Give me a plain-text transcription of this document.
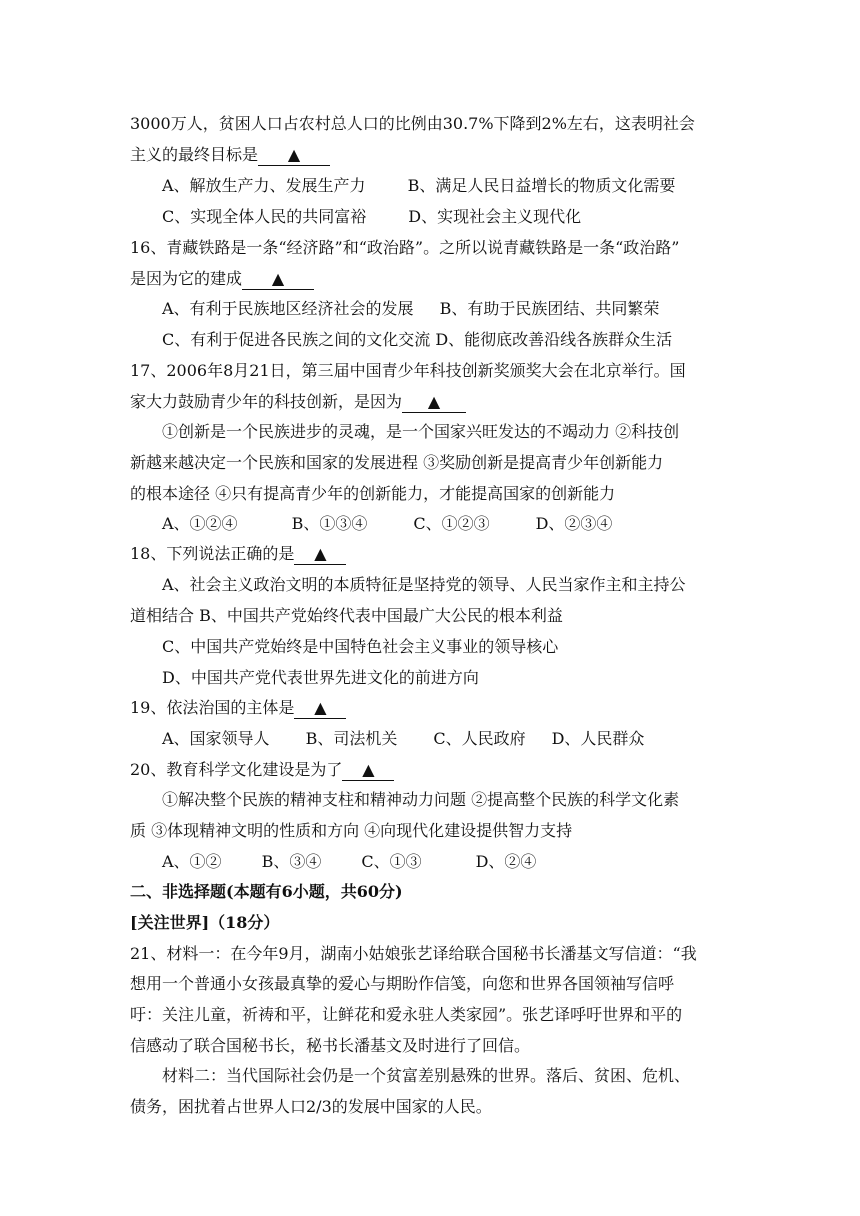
3000万人，贫困人口占农村总人口的比例由30.7%下降到2%左右，这表明社会
主义的最终目标是 ▲
A、解放生产力、发展生产力	B、满足人民日益增长的物质文化需要
C、实现全体人民的共同富裕	D、实现社会主义现代化
16、青藏铁路是一条“经济路”和“政治路”。之所以说青藏铁路是一条“政治路”
是因为它的建成 ▲
A、有利于民族地区经济社会的发展 B、有助于民族团结、共同繁荣
C、有利于促进各民族之间的文化交流 D、能彻底改善沿线各族群众生活
17、2006年8月21日，第三届中国青少年科技创新奖颁奖大会在北京举行。国
家大力鼓励青少年的科技创新，是因为 ▲
①创新是一个民族进步的灵魂，是一个国家兴旺发达的不竭动力 ②科技创
新越来越决定一个民族和国家的发展进程 ③奖励创新是提高青少年创新能力
的根本途径 ④只有提高青少年的创新能力，才能提高国家的创新能力
A、①②④	B、①③④	C、①②③	D、②③④
18、下列说法正确的是 ▲
A、社会主义政治文明的本质特征是坚持党的领导、人民当家作主和主持公
道相结合 B、中国共产党始终代表中国最广大公民的根本利益
C、中国共产党始终是中国特色社会主义事业的领导核心
D、中国共产党代表世界先进文化的前进方向
19、依法治国的主体是 ▲
A、国家领导人 B、司法机关 C、人民政府 D、人民群众
20、教育科学文化建设是为了 ▲
①解决整个民族的精神支柱和精神动力问题 ②提高整个民族的科学文化素
质 ③体现精神文明的性质和方向 ④向现代化建设提供智力支持
A、①②	B、③④	C、①③	D、②④
二、非选择题(本题有6小题，共60分)
[关注世界]（18分）
21、材料一：在今年9月，湖南小姑娘张艺译给联合国秘书长潘基文写信道：“我
想用一个普通小女孩最真挚的爱心与期盼作信笺，向您和世界各国领袖写信呼
吁：关注儿童，祈祷和平，让鲜花和爱永驻人类家园”。张艺译呼吁世界和平的
信感动了联合国秘书长，秘书长潘基文及时进行了回信。
材料二：当代国际社会仍是一个贫富差别悬殊的世界。落后、贫困、危机、
债务，困扰着占世界人口2/3的发展中国家的人民。
